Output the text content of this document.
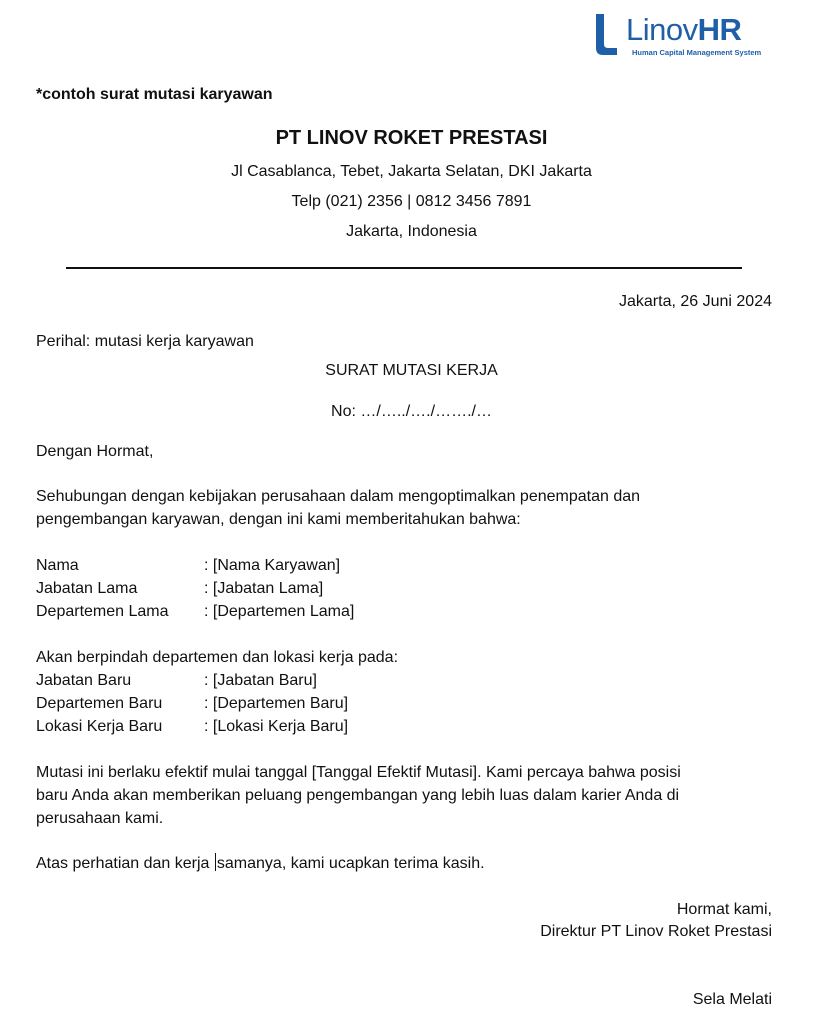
LinovHR
Human Capital Management System
*contoh surat mutasi karyawan
PT LINOV ROKET PRESTASI
Jl Casablanca, Tebet, Jakarta Selatan, DKI Jakarta
Telp (021) 2356 | 0812 3456 7891
Jakarta, Indonesia
Jakarta, 26 Juni 2024
Perihal: mutasi kerja karyawan
SURAT MUTASI KERJA
No: …/…../…./……./…
Dengan Hormat,
Sehubungan dengan kebijakan perusahaan dalam mengoptimalkan penempatan dan
pengembangan karyawan, dengan ini kami memberitahukan bahwa:
Nama	: [Nama Karyawan]
Jabatan Lama	: [Jabatan Lama]
Departemen Lama : [Departemen Lama]
Akan berpindah departemen dan lokasi kerja pada:
Jabatan Baru	: [Jabatan Baru]
Departemen Baru	: [Departemen Baru]
Lokasi Kerja Baru	: [Lokasi Kerja Baru]
Mutasi ini berlaku efektif mulai tanggal [Tanggal Efektif Mutasi]. Kami percaya bahwa posisi
baru Anda akan memberikan peluang pengembangan yang lebih luas dalam karier Anda di
perusahaan kami.
Atas perhatian dan kerja samanya, kami ucapkan terima kasih.
Hormat kami,
Direktur PT Linov Roket Prestasi
Sela Melati
